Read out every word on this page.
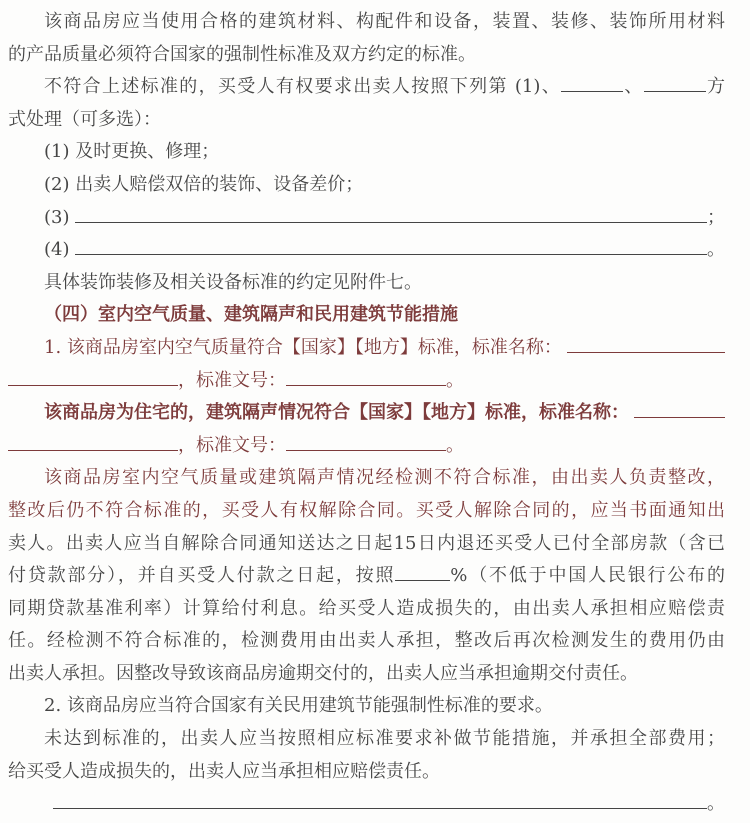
该商品房应当使用合格的建筑材料、构配件和设备，装置、装修、装饰所用材料
的产品质量必须符合国家的强制性标准及双方约定的标准。
不符合上述标准的，买受人有权要求出卖人按照下列第 (1)、	、	方
式处理（可多选）：
(1) 及时更换、修理；
(2) 出卖人赔偿双倍的装饰、设备差价；
(3)	；
(4)	。
具体装饰装修及相关设备标准的约定见附件七。
（四）室内空气质量、建筑隔声和民用建筑节能措施
1. 该商品房室内空气质量符合【国家】【地方】标准，标准名称：
，标准文号：	。
该商品房为住宅的，建筑隔声情况符合【国家】【地方】标准，标准名称：
，标准文号：	。
该商品房室内空气质量或建筑隔声情况经检测不符合标准，由出卖人负责整改，
整改后仍不符合标准的，买受人有权解除合同。买受人解除合同的，应当书面通知出
卖人。出卖人应当自解除合同通知送达之日起15日内退还买受人已付全部房款（含已
付贷款部分），并自买受人付款之日起，按照	%（不低于中国人民银行公布的
同期贷款基准利率）计算给付利息。给买受人造成损失的，由出卖人承担相应赔偿责
任。经检测不符合标准的，检测费用由出卖人承担，整改后再次检测发生的费用仍由
出卖人承担。因整改导致该商品房逾期交付的，出卖人应当承担逾期交付责任。
2. 该商品房应当符合国家有关民用建筑节能强制性标准的要求。
未达到标准的，出卖人应当按照相应标准要求补做节能措施，并承担全部费用；
给买受人造成损失的，出卖人应当承担相应赔偿责任。
。
